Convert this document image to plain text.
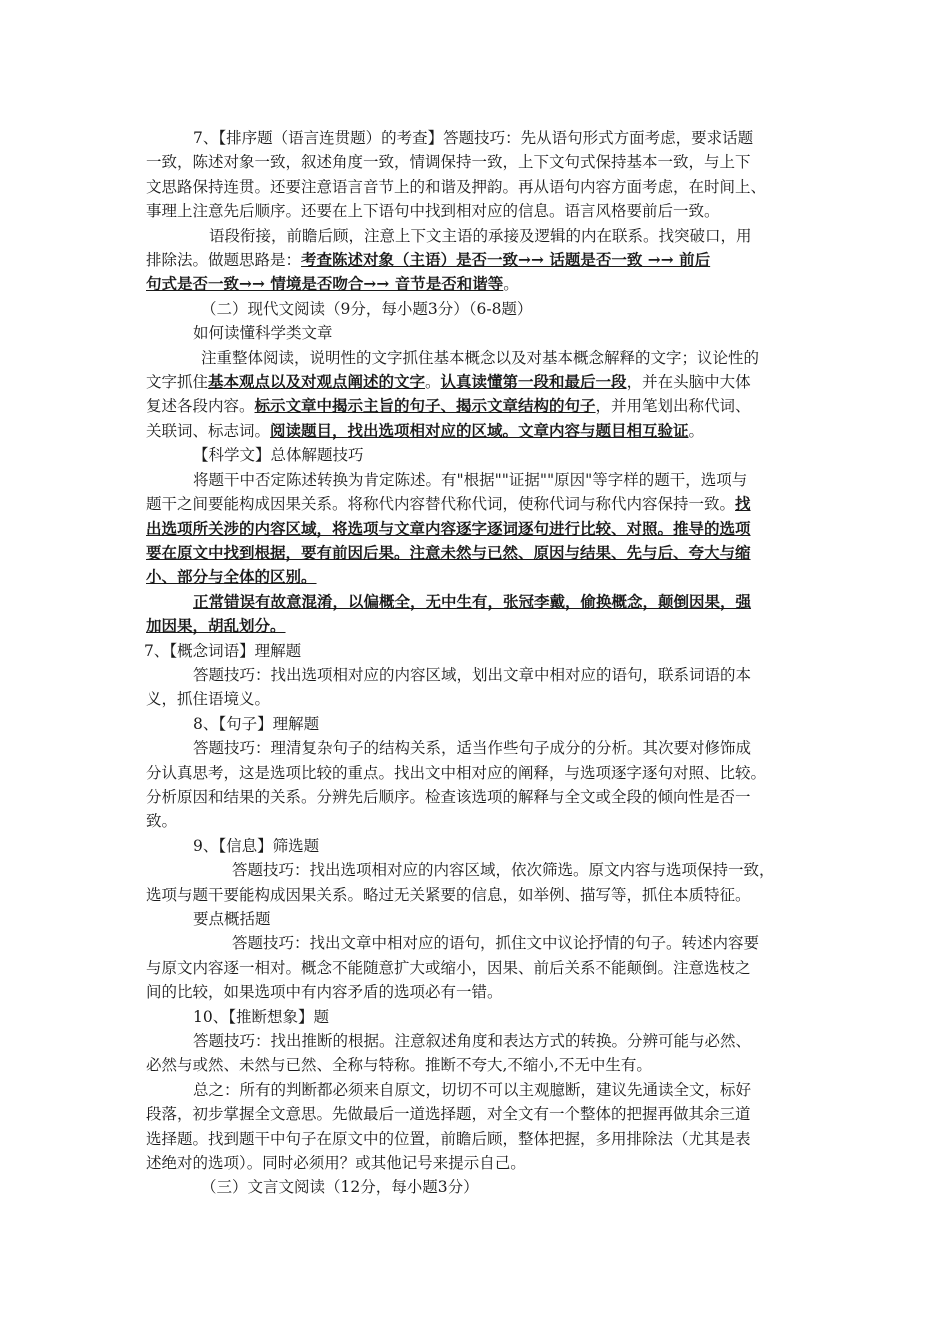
7、【排序题（语言连贯题）的考查】答题技巧：先从语句形式方面考虑，要求话题

一致，陈述对象一致，叙述角度一致，情调保持一致，上下文句式保持基本一致，与上下

文思路保持连贯。还要注意语言音节上的和谐及押韵。再从语句内容方面考虑，在时间上、

事理上注意先后顺序。还要在上下语句中找到相对应的信息。语言风格要前后一致。

语段衔接，前瞻后顾，注意上下文主语的承接及逻辑的内在联系。找突破口，用

排除法。做题思路是：考查陈述对象（主语）是否一致→→ 话题是否一致 →→ 前后

句式是否一致→→ 情境是否吻合→→ 音节是否和谐等。

（二）现代文阅读（9分，每小题3分）（6-8题）

如何读懂科学类文章

注重整体阅读，说明性的文字抓住基本概念以及对基本概念解释的文字；议论性的

文字抓住基本观点以及对观点阐述的文字。认真读懂第一段和最后一段，并在头脑中大体

复述各段内容。标示文章中揭示主旨的句子、揭示文章结构的句子，并用笔划出称代词、

关联词、标志词。阅读题目，找出选项相对应的区域。文章内容与题目相互验证。

【科学文】总体解题技巧

将题干中否定陈述转换为肯定陈述。有"根据""证据""原因"等字样的题干，选项与

题干之间要能构成因果关系。将称代内容替代称代词，使称代词与称代内容保持一致。找

出选项所关涉的内容区域，将选项与文章内容逐字逐词逐句进行比较、对照。推导的选项

要在原文中找到根据，要有前因后果。注意未然与已然、原因与结果、先与后、夸大与缩

小、部分与全体的区别。

正常错误有故意混淆，以偏概全，无中生有，张冠李戴，偷换概念，颠倒因果，强

加因果，胡乱划分。

7、【概念词语】理解题

答题技巧：找出选项相对应的内容区域，划出文章中相对应的语句，联系词语的本

义，抓住语境义。

8、【句子】理解题

答题技巧：理清复杂句子的结构关系，适当作些句子成分的分析。其次要对修饰成

分认真思考，这是选项比较的重点。找出文中相对应的阐释，与选项逐字逐句对照、比较。

分析原因和结果的关系。分辨先后顺序。检查该选项的解释与全文或全段的倾向性是否一

致。

9、【信息】筛选题

答题技巧：找出选项相对应的内容区域，依次筛选。原文内容与选项保持一致，

选项与题干要能构成因果关系。略过无关紧要的信息，如举例、描写等，抓住本质特征。

要点概括题

答题技巧：找出文章中相对应的语句，抓住文中议论抒情的句子。转述内容要

与原文内容逐一相对。概念不能随意扩大或缩小，因果、前后关系不能颠倒。注意选枝之

间的比较，如果选项中有内容矛盾的选项必有一错。

10、【推断想象】题

答题技巧：找出推断的根据。注意叙述角度和表达方式的转换。分辨可能与必然、

必然与或然、未然与已然、全称与特称。推断不夸大,不缩小,不无中生有。

总之：所有的判断都必须来自原文，切切不可以主观臆断，建议先通读全文，标好

段落，初步掌握全文意思。先做最后一道选择题，对全文有一个整体的把握再做其余三道

选择题。找到题干中句子在原文中的位置，前瞻后顾，整体把握，多用排除法（尤其是表

述绝对的选项）。同时必须用？或其他记号来提示自己。

（三）文言文阅读（12分，每小题3分）
